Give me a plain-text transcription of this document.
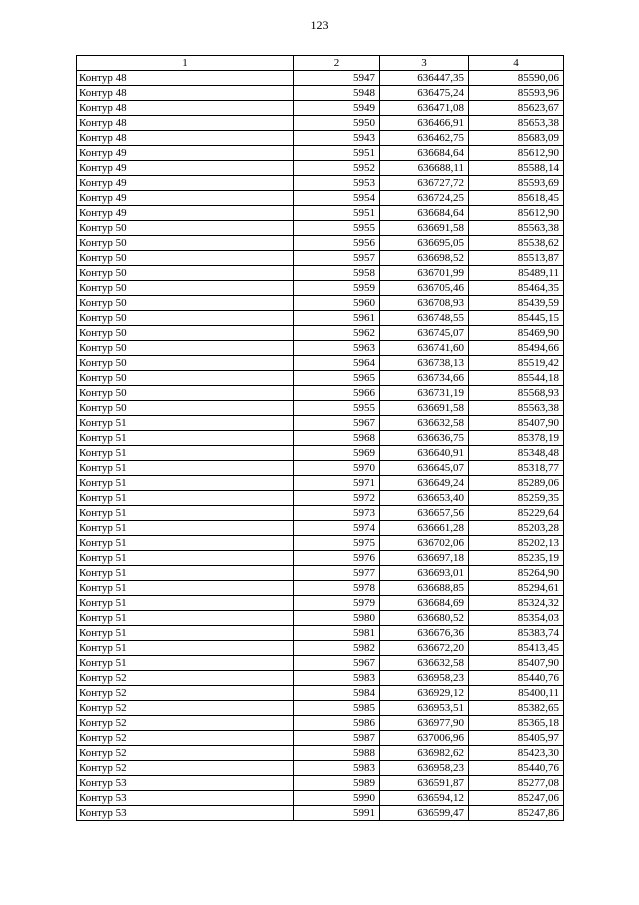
123
1	2	3	4
Контур 48	5947	636447,35	85590,06
Контур 48	5948	636475,24	85593,96
Контур 48	5949	636471,08	85623,67
Контур 48	5950	636466,91	85653,38
Контур 48	5943	636462,75	85683,09
Контур 49	5951	636684,64	85612,90
Контур 49	5952	636688,11	85588,14
Контур 49	5953	636727,72	85593,69
Контур 49	5954	636724,25	85618,45
Контур 49	5951	636684,64	85612,90
Контур 50	5955	636691,58	85563,38
Контур 50	5956	636695,05	85538,62
Контур 50	5957	636698,52	85513,87
Контур 50	5958	636701,99	85489,11
Контур 50	5959	636705,46	85464,35
Контур 50	5960	636708,93	85439,59
Контур 50	5961	636748,55	85445,15
Контур 50	5962	636745,07	85469,90
Контур 50	5963	636741,60	85494,66
Контур 50	5964	636738,13	85519,42
Контур 50	5965	636734,66	85544,18
Контур 50	5966	636731,19	85568,93
Контур 50	5955	636691,58	85563,38
Контур 51	5967	636632,58	85407,90
Контур 51	5968	636636,75	85378,19
Контур 51	5969	636640,91	85348,48
Контур 51	5970	636645,07	85318,77
Контур 51	5971	636649,24	85289,06
Контур 51	5972	636653,40	85259,35
Контур 51	5973	636657,56	85229,64
Контур 51	5974	636661,28	85203,28
Контур 51	5975	636702,06	85202,13
Контур 51	5976	636697,18	85235,19
Контур 51	5977	636693,01	85264,90
Контур 51	5978	636688,85	85294,61
Контур 51	5979	636684,69	85324,32
Контур 51	5980	636680,52	85354,03
Контур 51	5981	636676,36	85383,74
Контур 51	5982	636672,20	85413,45
Контур 51	5967	636632,58	85407,90
Контур 52	5983	636958,23	85440,76
Контур 52	5984	636929,12	85400,11
Контур 52	5985	636953,51	85382,65
Контур 52	5986	636977,90	85365,18
Контур 52	5987	637006,96	85405,97
Контур 52	5988	636982,62	85423,30
Контур 52	5983	636958,23	85440,76
Контур 53	5989	636591,87	85277,08
Контур 53	5990	636594,12	85247,06
Контур 53	5991	636599,47	85247,86
